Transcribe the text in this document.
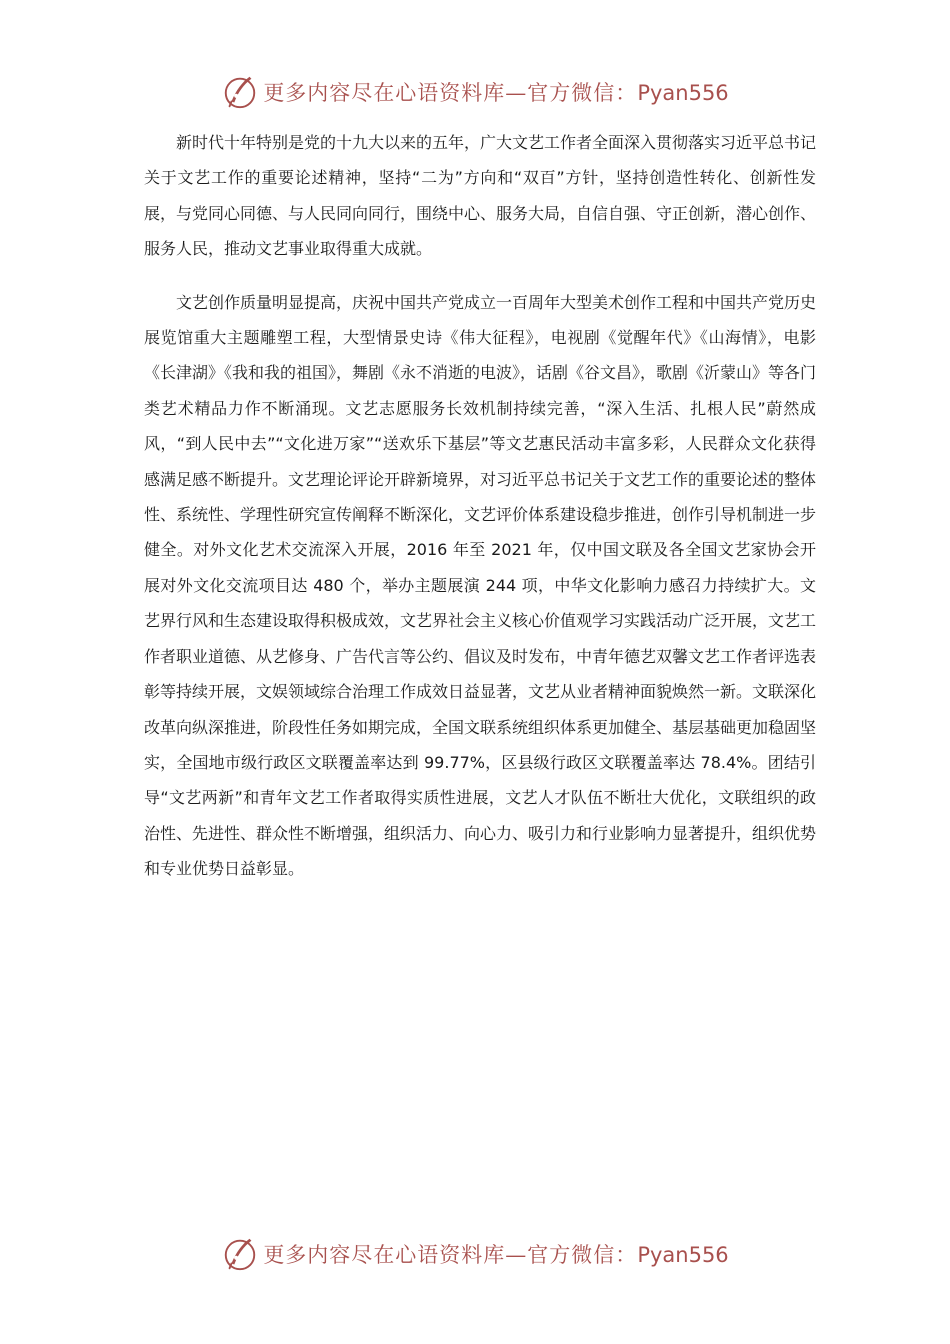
更多内容尽在心语资料库—官方微信：Pyan556

新时代十年特别是党的十九大以来的五年，广大文艺工作者全面深入贯彻落实习近平总书记关于文艺工作的重要论述精神，坚持“二为”方向和“双百”方针，坚持创造性转化、创新性发展，与党同心同德、与人民同向同行，围绕中心、服务大局，自信自强、守正创新，潜心创作、服务人民，推动文艺事业取得重大成就。

文艺创作质量明显提高，庆祝中国共产党成立一百周年大型美术创作工程和中国共产党历史展览馆重大主题雕塑工程，大型情景史诗《伟大征程》，电视剧《觉醒年代》《山海情》，电影《长津湖》《我和我的祖国》，舞剧《永不消逝的电波》，话剧《谷文昌》，歌剧《沂蒙山》等各门类艺术精品力作不断涌现。文艺志愿服务长效机制持续完善，“深入生活、扎根人民”蔚然成风，“到人民中去”“文化进万家”“送欢乐下基层”等文艺惠民活动丰富多彩，人民群众文化获得感满足感不断提升。文艺理论评论开辟新境界，对习近平总书记关于文艺工作的重要论述的整体性、系统性、学理性研究宣传阐释不断深化，文艺评价体系建设稳步推进，创作引导机制进一步健全。对外文化艺术交流深入开展，2016 年至 2021 年，仅中国文联及各全国文艺家协会开展对外文化交流项目达 480 个，举办主题展演 244 项，中华文化影响力感召力持续扩大。文艺界行风和生态建设取得积极成效，文艺界社会主义核心价值观学习实践活动广泛开展，文艺工作者职业道德、从艺修身、广告代言等公约、倡议及时发布，中青年德艺双馨文艺工作者评选表彰等持续开展，文娱领域综合治理工作成效日益显著，文艺从业者精神面貌焕然一新。文联深化改革向纵深推进，阶段性任务如期完成，全国文联系统组织体系更加健全、基层基础更加稳固坚实，全国地市级行政区文联覆盖率达到 99.77%，区县级行政区文联覆盖率达 78.4%。团结引导“文艺两新”和青年文艺工作者取得实质性进展，文艺人才队伍不断壮大优化，文联组织的政治性、先进性、群众性不断增强，组织活力、向心力、吸引力和行业影响力显著提升，组织优势和专业优势日益彰显。

更多内容尽在心语资料库—官方微信：Pyan556
